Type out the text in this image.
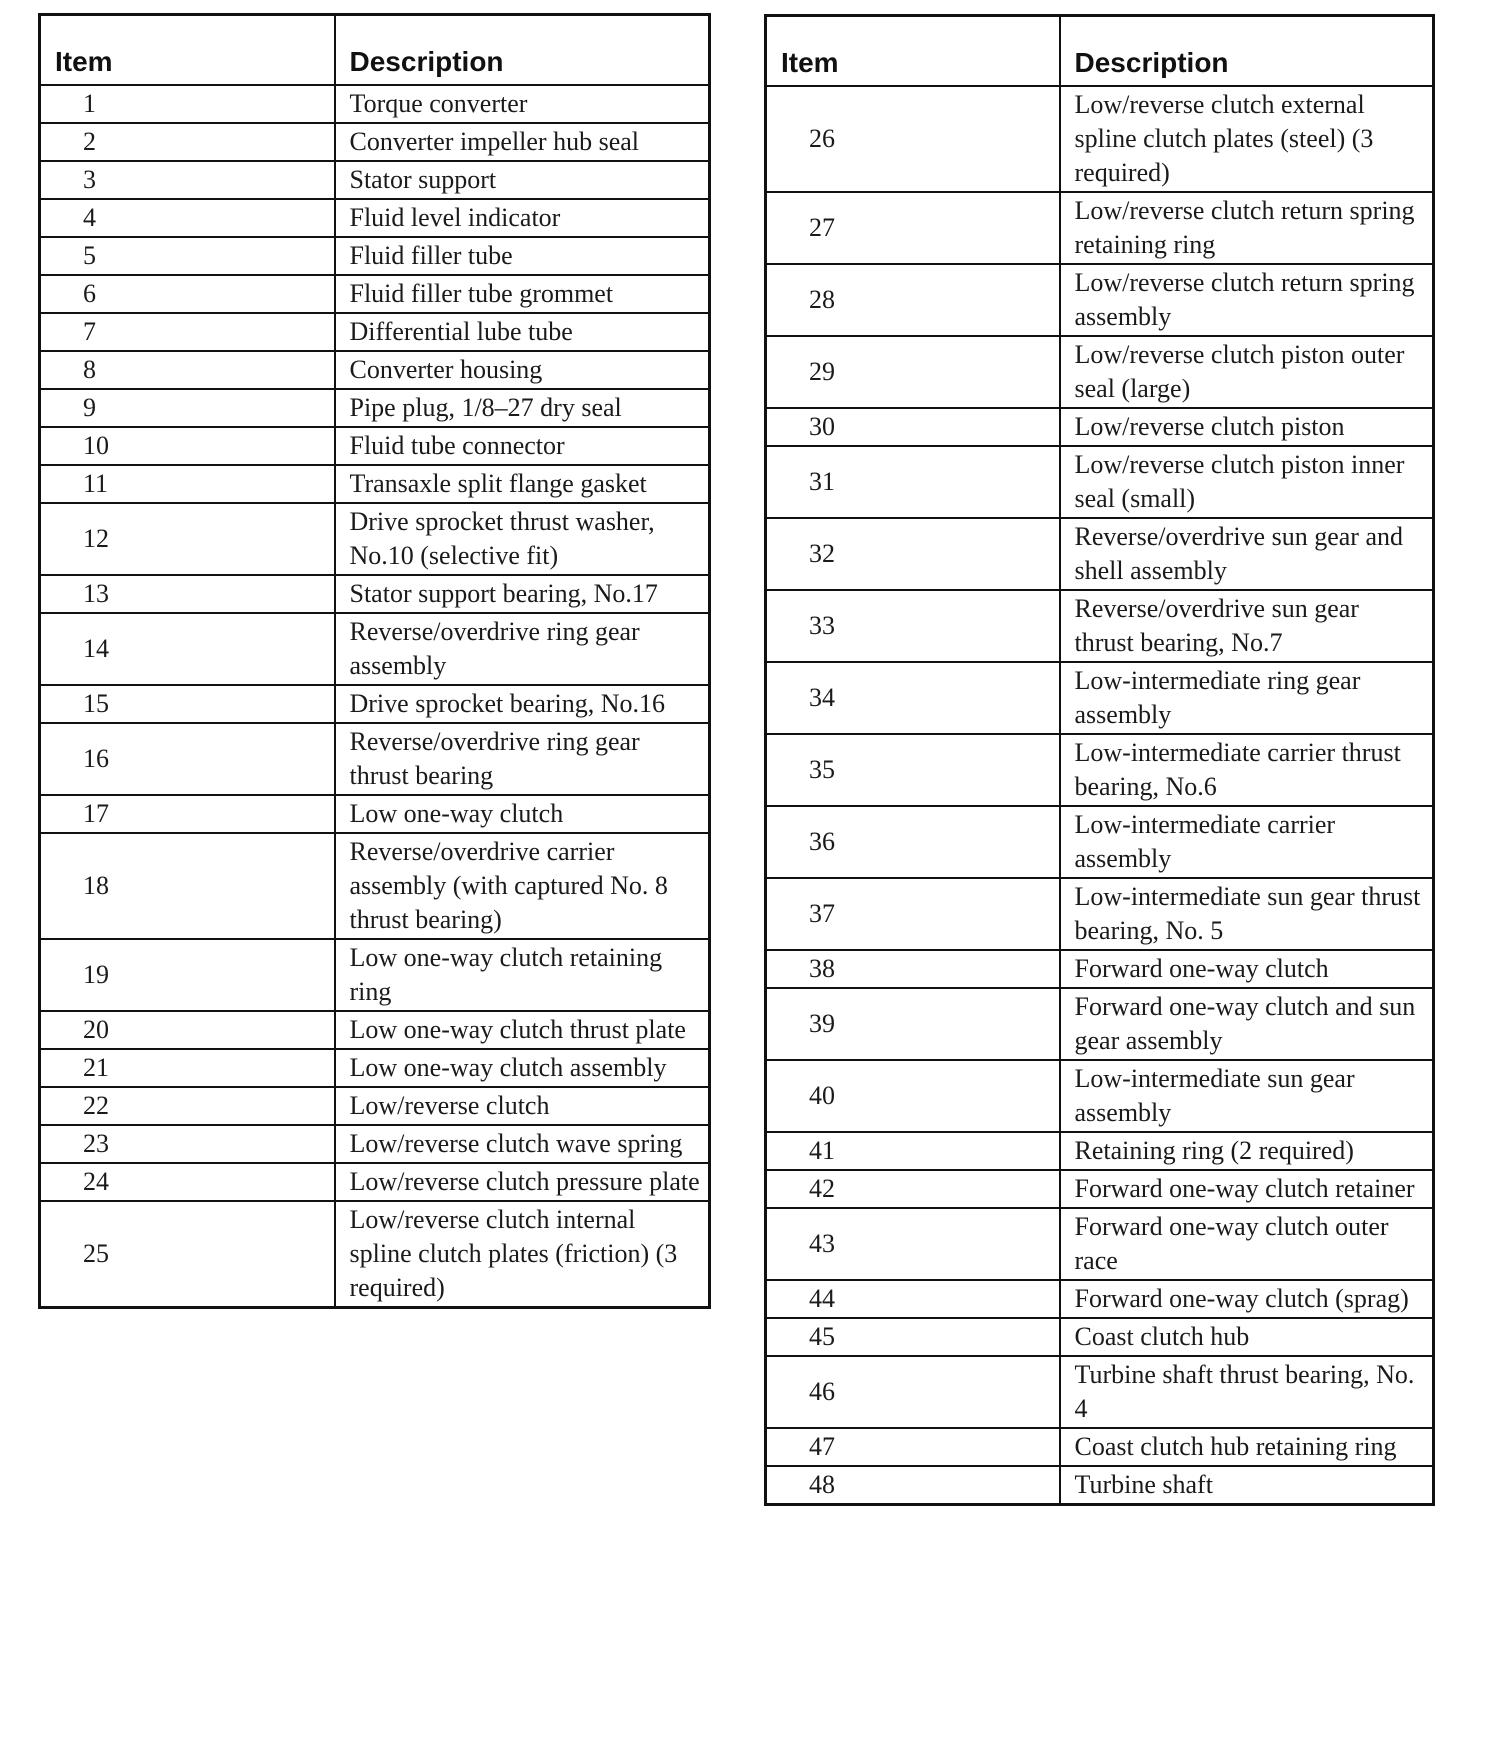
Item	Description
1	Torque converter
2	Converter impeller hub seal
3	Stator support
4	Fluid level indicator
5	Fluid filler tube
6	Fluid filler tube grommet
7	Differential lube tube
8	Converter housing
9	Pipe plug, 1/8–27 dry seal
10	Fluid tube connector
11	Transaxle split flange gasket
12	Drive sprocket thrust washer, No.10 (selective fit)
13	Stator support bearing, No.17
14	Reverse/overdrive ring gear assembly
15	Drive sprocket bearing, No.16
16	Reverse/overdrive ring gear thrust bearing
17	Low one-way clutch
18	Reverse/overdrive carrier assembly (with captured No. 8 thrust bearing)
19	Low one-way clutch retaining ring
20	Low one-way clutch thrust plate
21	Low one-way clutch assembly
22	Low/reverse clutch
23	Low/reverse clutch wave spring
24	Low/reverse clutch pressure plate
25	Low/reverse clutch internal spline clutch plates (friction) (3 required)
Item	Description
26	Low/reverse clutch external spline clutch plates (steel) (3 required)
27	Low/reverse clutch return spring retaining ring
28	Low/reverse clutch return spring assembly
29	Low/reverse clutch piston outer seal (large)
30	Low/reverse clutch piston
31	Low/reverse clutch piston inner seal (small)
32	Reverse/overdrive sun gear and shell assembly
33	Reverse/overdrive sun gear thrust bearing, No.7
34	Low-intermediate ring gear assembly
35	Low-intermediate carrier thrust bearing, No.6
36	Low-intermediate carrier assembly
37	Low-intermediate sun gear thrust bearing, No. 5
38	Forward one-way clutch
39	Forward one-way clutch and sun gear assembly
40	Low-intermediate sun gear assembly
41	Retaining ring (2 required)
42	Forward one-way clutch retainer
43	Forward one-way clutch outer race
44	Forward one-way clutch (sprag)
45	Coast clutch hub
46	Turbine shaft thrust bearing, No. 4
47	Coast clutch hub retaining ring
48	Turbine shaft
